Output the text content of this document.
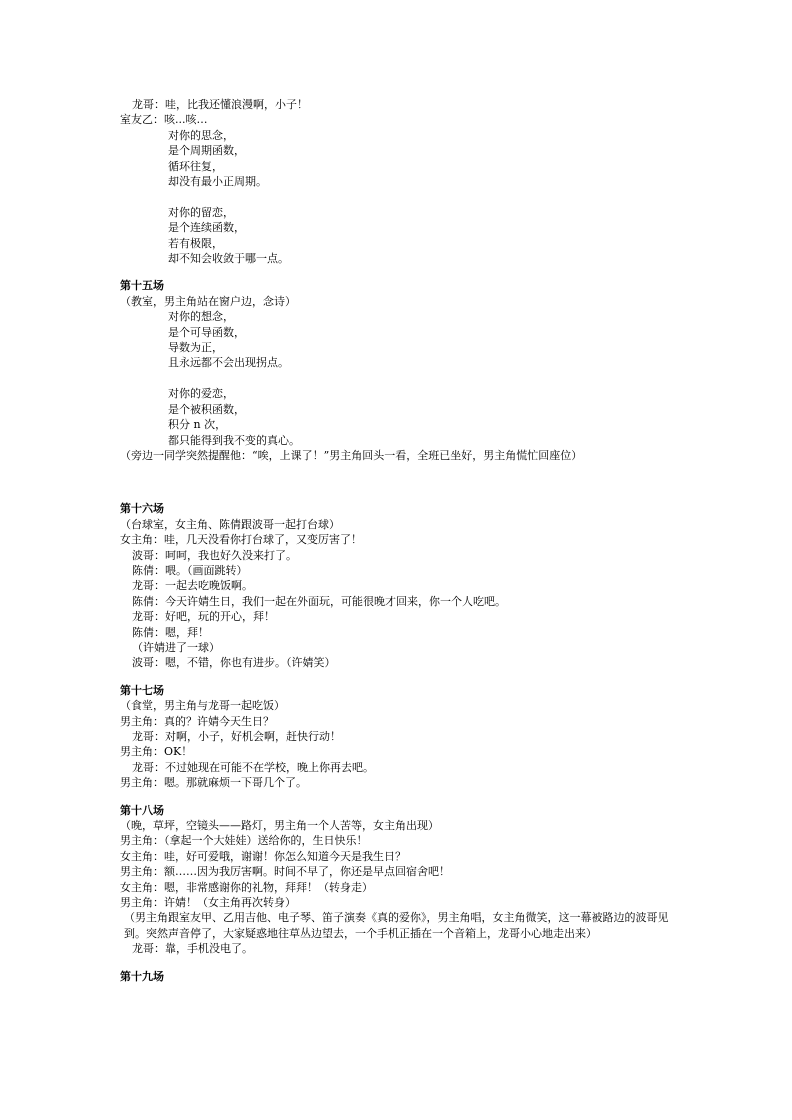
龙哥：哇，比我还懂浪漫啊，小子！
室友乙：咳...咳…
对你的思念，
是个周期函数，
循环往复，
却没有最小正周期。
对你的留恋，
是个连续函数，
若有极限，
却不知会收敛于哪一点。
第十五场
（教室，男主角站在窗户边，念诗）
对你的想念，
是个可导函数，
导数为正，
且永远都不会出现拐点。
对你的爱恋，
是个被积函数，
积分 n 次，
都只能得到我不变的真心。
（旁边一同学突然提醒他：“唉，上课了！”男主角回头一看，全班已坐好，男主角慌忙回座位）
第十六场
（台球室，女主角、陈倩跟波哥一起打台球）
女主角：哇，几天没看你打台球了，又变厉害了！
波哥：呵呵，我也好久没来打了。
陈倩：喂。（画面跳转）
龙哥：一起去吃晚饭啊。
陈倩：今天许婧生日，我们一起在外面玩，可能很晚才回来，你一个人吃吧。
龙哥：好吧，玩的开心，拜！
陈倩：嗯，拜！
（许婧进了一球）
波哥：嗯，不错，你也有进步。（许婧笑）
第十七场
（食堂，男主角与龙哥一起吃饭）
男主角：真的？许婧今天生日？
龙哥：对啊，小子，好机会啊，赶快行动！
男主角：OK！
龙哥：不过她现在可能不在学校，晚上你再去吧。
男主角：嗯。那就麻烦一下哥几个了。
第十八场
（晚，草坪，空镜头——路灯，男主角一个人苦等，女主角出现）
男主角：（拿起一个大娃娃）送给你的，生日快乐！
女主角：哇，好可爱哦，谢谢！你怎么知道今天是我生日？
男主角：额……因为我厉害啊。时间不早了，你还是早点回宿舍吧！
女主角：嗯，非常感谢你的礼物，拜拜！（转身走）
男主角：许婧！（女主角再次转身）
（男主角跟室友甲、乙用吉他、电子琴、笛子演奏《真的爱你》，男主角唱，女主角微笑，这一幕被路边的波哥见到。突然声音停了，大家疑惑地往草丛边望去，一个手机正插在一个音箱上，龙哥小心地走出来）
龙哥：靠，手机没电了。
第十九场
